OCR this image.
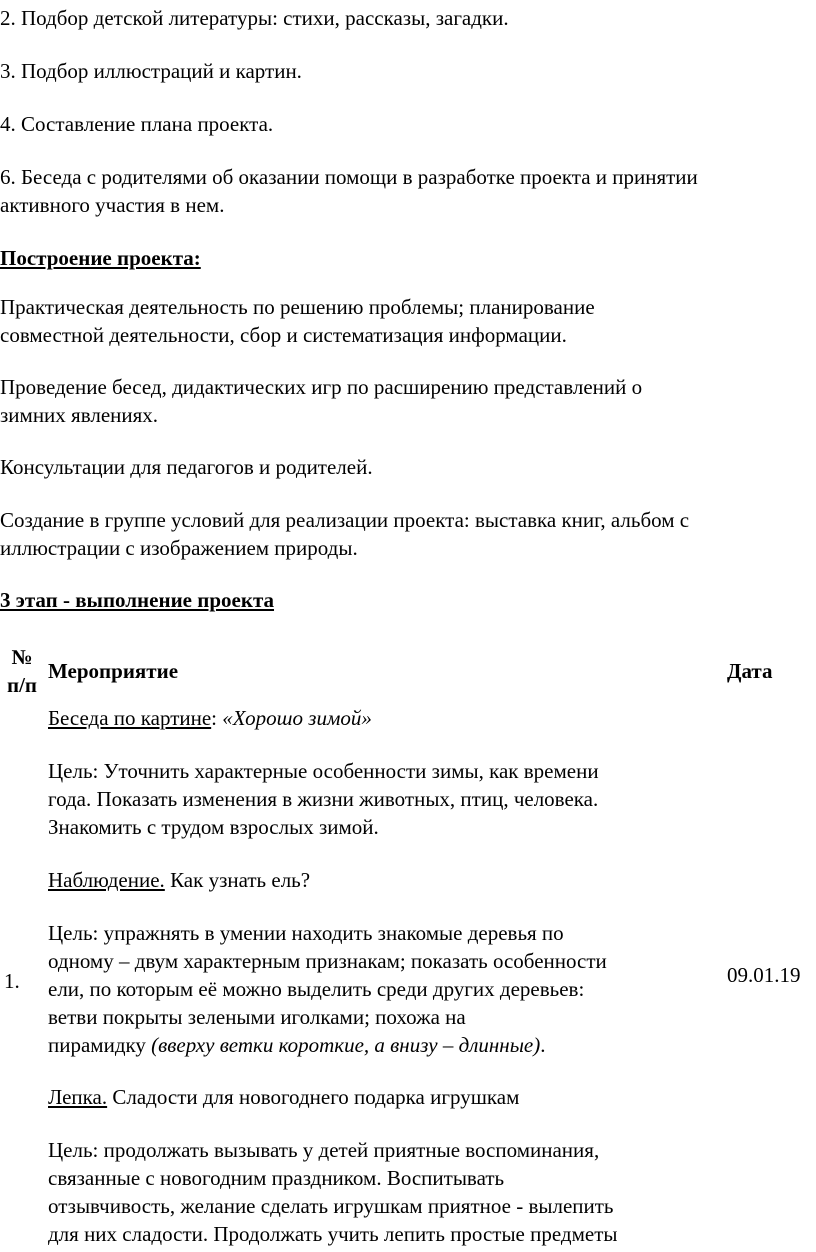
2. Подбор детской литературы: стихи, рассказы, загадки.

3. Подбор иллюстраций и картин.

4. Составление плана проекта.

6. Беседа с родителями об оказании помощи в разработке проекта и принятии

активного участия в нем.

Построение проекта:

Практическая деятельность по решению проблемы; планирование

совместной деятельности, сбор и систематизация информации.

Проведение бесед, дидактических игр по расширению представлений о

зимних явлениях.

Консультации для педагогов и родителей.

Создание в группе условий для реализации проекта: выставка книг, альбом с

иллюстрации с изображением природы.

3 этап - выполнение проекта

№
п/п
Мероприятие	Дата
1.	09.01.19
Беседа по картине: «Хорошо зимой»
Цель: Уточнить характерные особенности зимы, как времени
года. Показать изменения в жизни животных, птиц, человека.
Знакомить с трудом взрослых зимой.
Наблюдение. Как узнать ель?
Цель: упражнять в умении находить знакомые деревья по
одному – двум характерным признакам; показать особенности
ели, по которым её можно выделить среди других деревьев:
ветви покрыты зелеными иголками; похожа на
пирамидку (вверху ветки короткие, а внизу – длинные).
Лепка. Сладости для новогоднего подарка игрушкам
Цель: продолжать вызывать у детей приятные воспоминания,
связанные с новогодним праздником. Воспитывать
отзывчивость, желание сделать игрушкам приятное - вылепить
для них сладости. Продолжать учить лепить простые предметы
